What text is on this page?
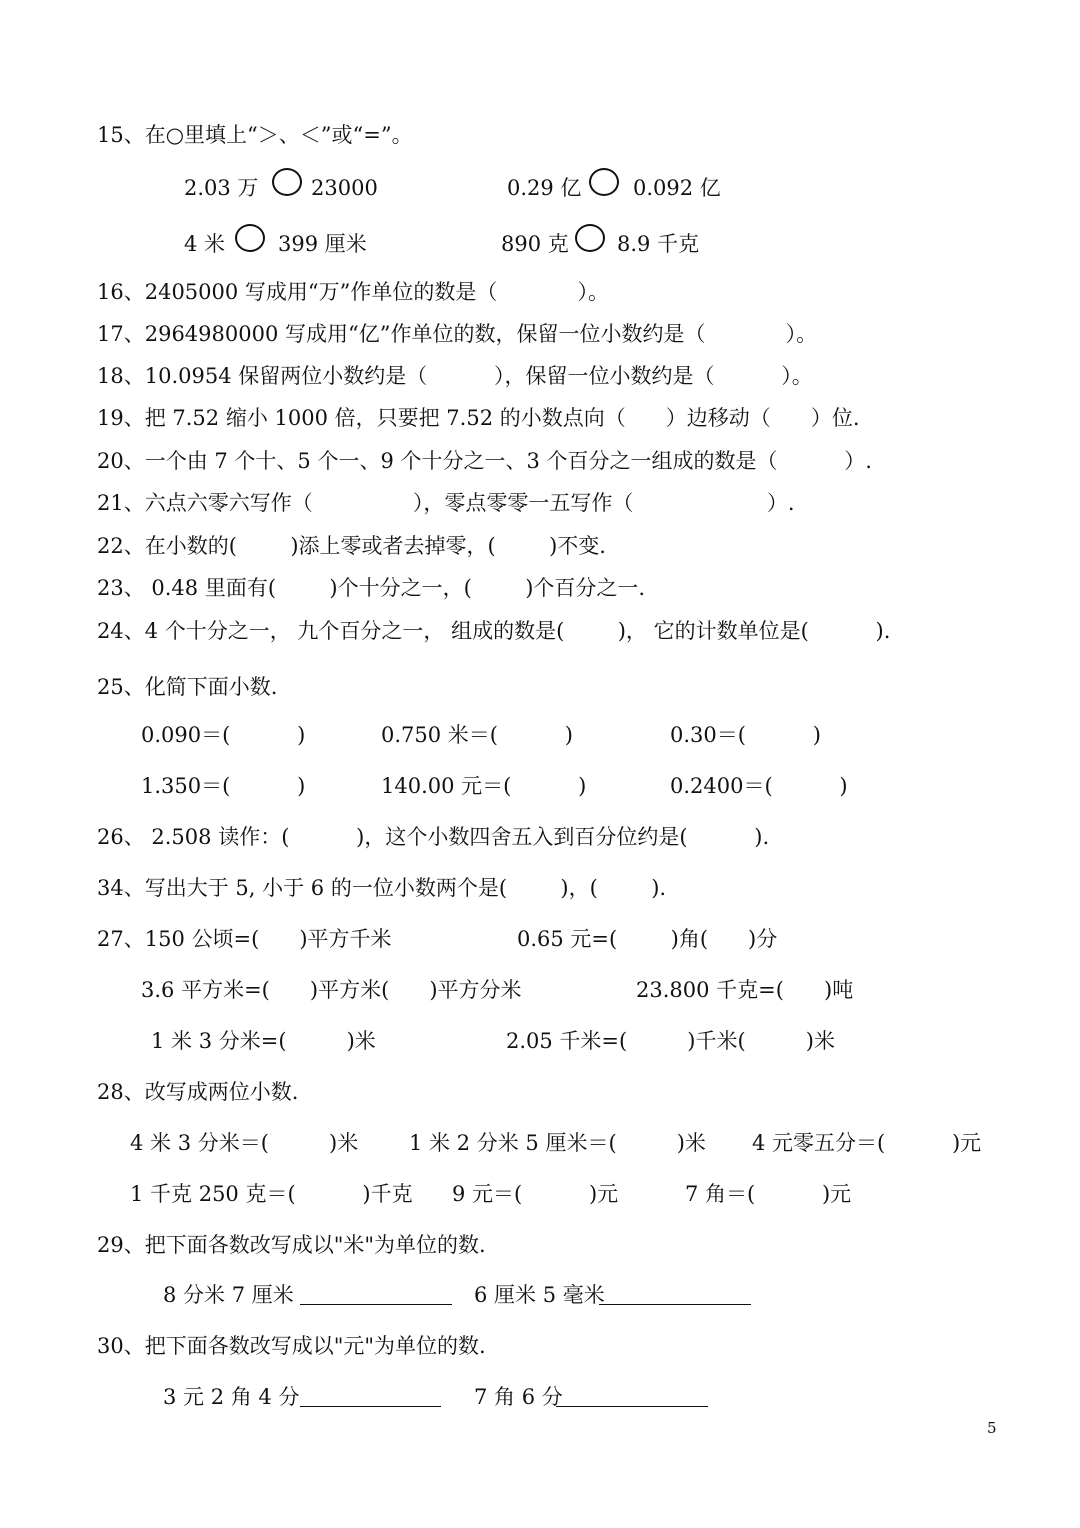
15、在○里填上“＞、＜”或“=”。
2.03 万	23000	0.29 亿 0.092 亿
4 米	399 厘米	890 克 8.9 千克
16、2405000 写成用“万”作单位的数是（            ）。
17、2964980000 写成用“亿”作单位的数，保留一位小数约是（            ）。
18、10.0954 保留两位小数约是（          ），保留一位小数约是（          ）。
19、把 7.52 缩小 1000 倍，只要把 7.52 的小数点向（      ）边移动（      ）位.
20、一个由 7 个十、5 个一、9 个十分之一、3 个百分之一组成的数是（          ）.
21、六点六零六写作（               ），零点零零一五写作（                    ）.
22、在小数的(        )添上零或者去掉零，(        )不变.
23、 0.48 里面有(        )个十分之一，(        )个百分之一.
24、4 个十分之一， 九个百分之一， 组成的数是(        )， 它的计数单位是(          ).
25、化简下面小数.
0.090＝(          )	0.750 米＝(          )	0.30＝(          )
1.350＝(          )	140.00 元＝(          )	0.2400＝(          )
26、 2.508 读作：(          )，这个小数四舍五入到百分位约是(          ).
34、写出大于 5, 小于 6 的一位小数两个是(        )，(        ).
27、150 公顷=(      )平方千米	0.65 元=(        )角(      )分
3.6 平方米=(      )平方米(      )平方分米	23.800 千克=(      )吨
1 米 3 分米=(         )米	2.05 千米=(         )千米(         )米
28、改写成两位小数.
4 米 3 分米＝(         )米 1 米 2 分米 5 厘米＝(         )米 4 元零五分＝(          )元
1 千克 250 克＝(          )千克 9 元＝(          )元	7 角＝(          )元
29、把下面各数改写成以"米"为单位的数.
8 分米 7 厘米	6 厘米 5 毫米
30、把下面各数改写成以"元"为单位的数.
3 元 2 角 4 分	7 角 6 分
5
